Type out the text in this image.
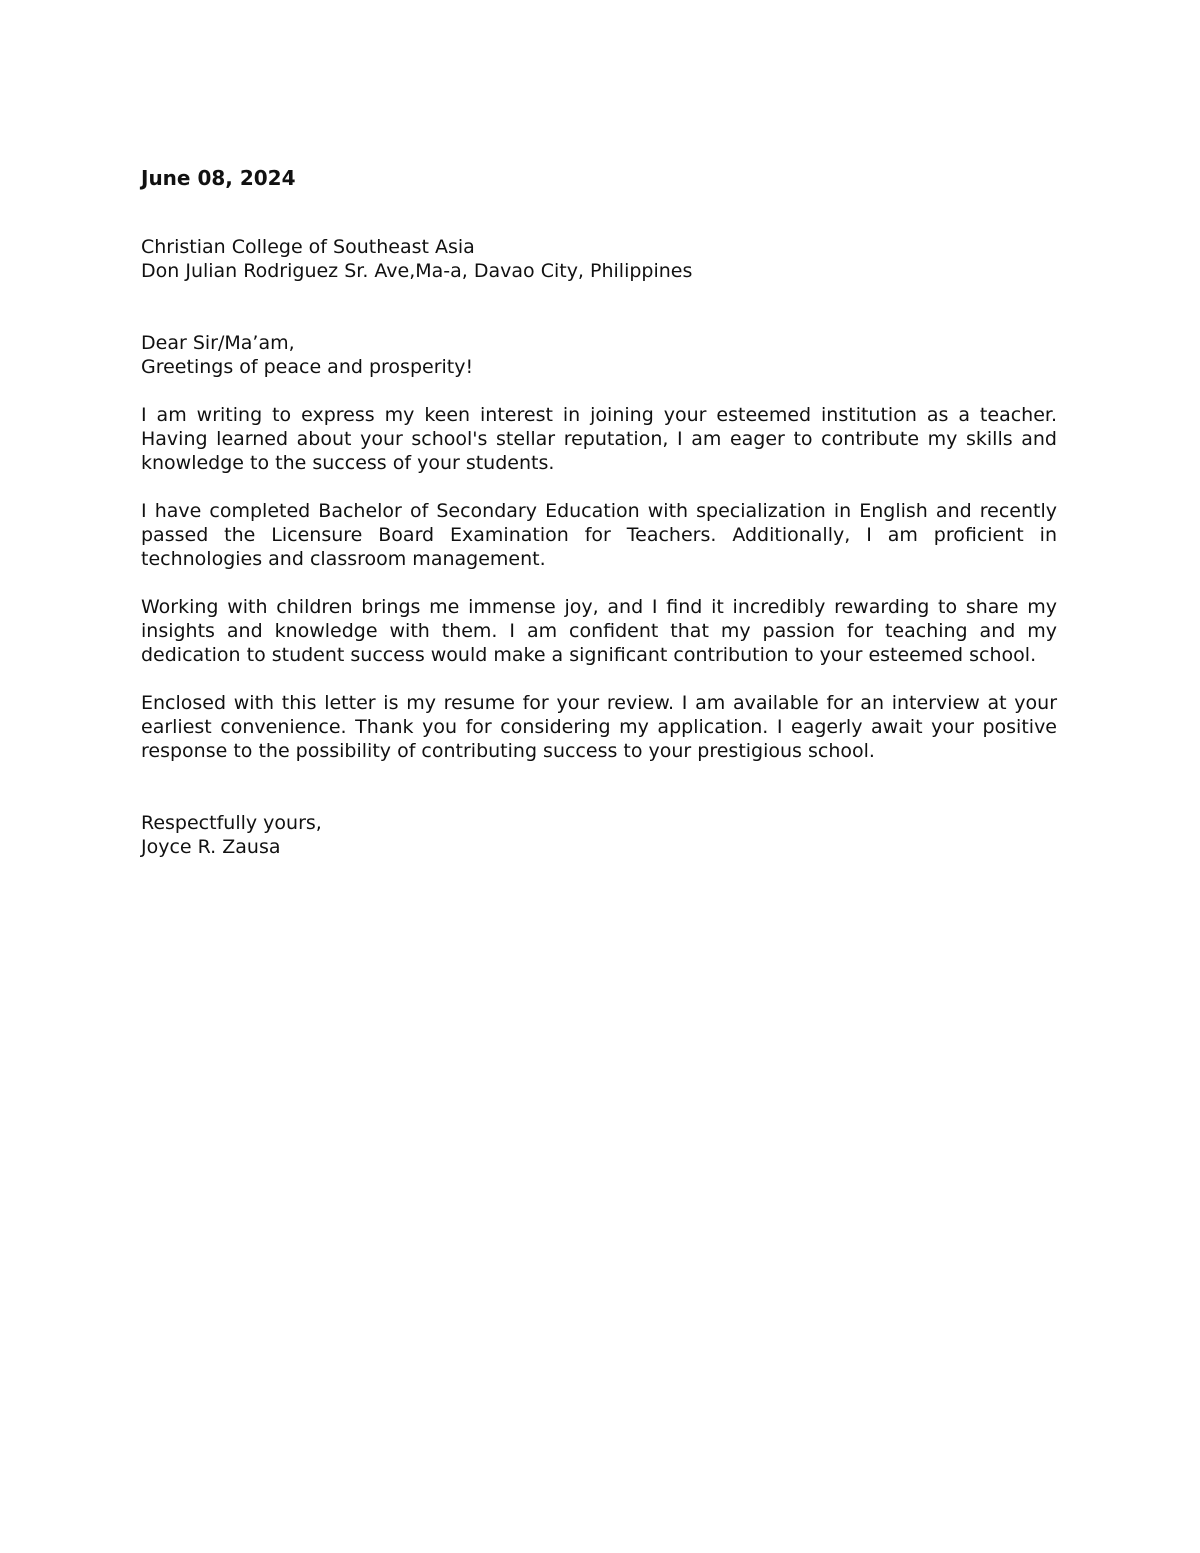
June 08, 2024

Christian College of Southeast Asia
Don Julian Rodriguez Sr. Ave,Ma-a, Davao City, Philippines

Dear Sir/Ma’am,
Greetings of peace and prosperity!

I am writing to express my keen interest in joining your esteemed institution as a teacher. Having learned about your school's stellar reputation, I am eager to contribute my skills and knowledge to the success of your students.

I have completed Bachelor of Secondary Education with specialization in English and recently passed the Licensure Board Examination for Teachers. Additionally, I am proficient in technologies and classroom management.

Working with children brings me immense joy, and I find it incredibly rewarding to share my insights and knowledge with them. I am confident that my passion for teaching and my dedication to student success would make a significant contribution to your esteemed school.

Enclosed with this letter is my resume for your review. I am available for an interview at your earliest convenience. Thank you for considering my application. I eagerly await your positive response to the possibility of contributing success to your prestigious school.

Respectfully yours,
Joyce R. Zausa
